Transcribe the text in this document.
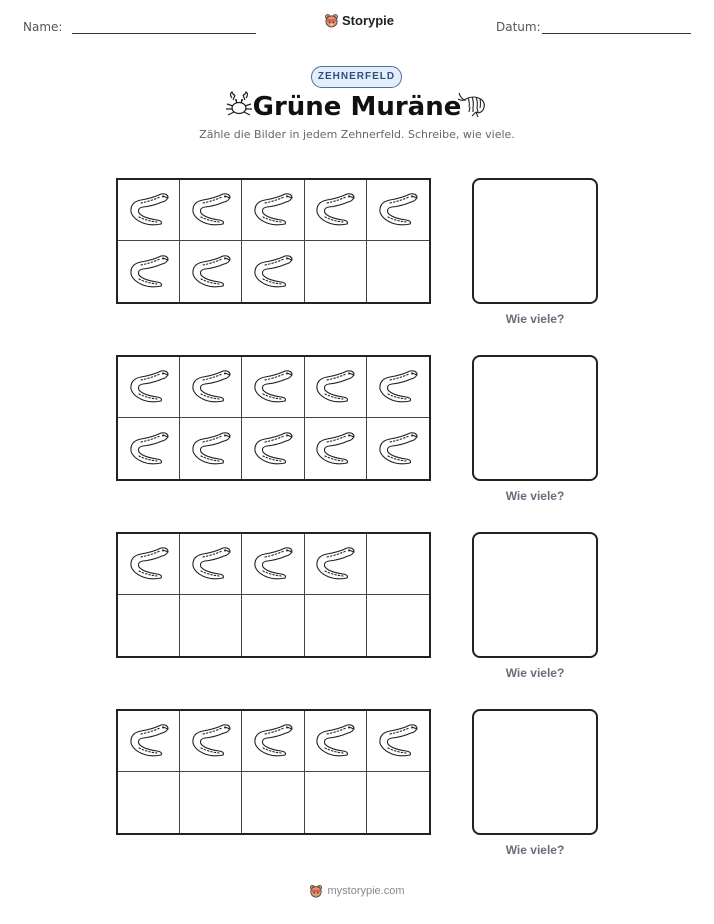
Name:	Storypie	Datum:
ZEHNERFELD
Grüne Muräne
Zähle die Bilder in jedem Zehnerfeld. Schreibe, wie viele.
Wie viele?
Wie viele?
Wie viele?
Wie viele?
mystorypie.com
